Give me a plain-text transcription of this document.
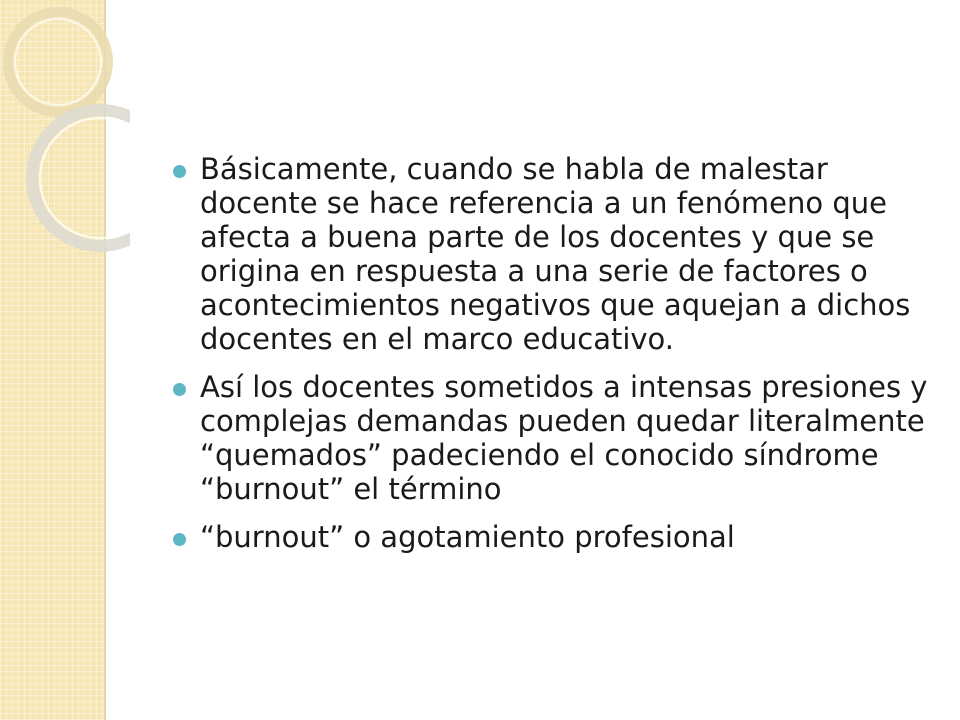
Básicamente, cuando se habla de malestar docente se hace referencia a un fenómeno que afecta a buena parte de los docentes y que se origina en respuesta a una serie de factores o acontecimientos negativos que aquejan a dichos docentes en el marco educativo.
Así los docentes sometidos a intensas presiones y complejas demandas pueden quedar literalmente “quemados” padeciendo el conocido síndrome “burnout” el término
“burnout” o agotamiento profesional
